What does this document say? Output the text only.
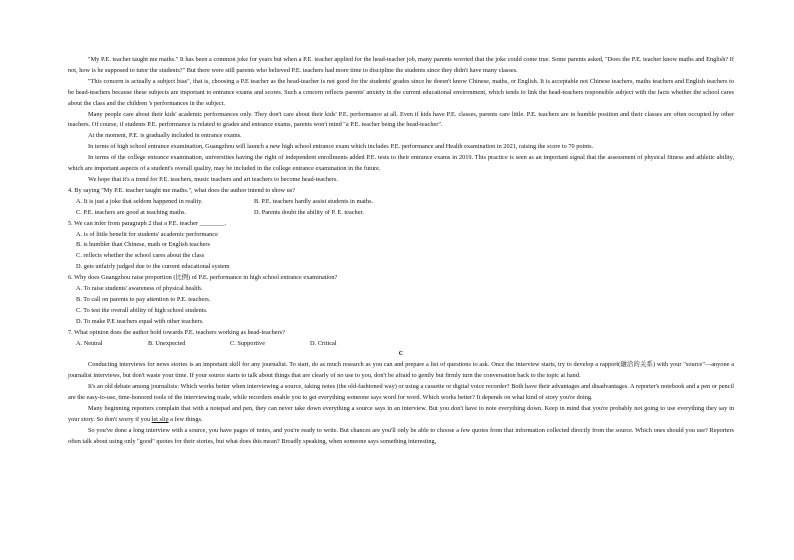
"My P.E. teacher taught me maths." It has been a common joke for years but when a P.E. teacher applied for the head-teacher job, many parents worried that the joke could come true. Some parents asked, "Does the P.E. teacher know maths and English? If not, how is he supposed to tutor the students?" But there were still parents who believed P.E. teachers had more time to discipline the students since they didn't have many classes.

"This concern is actually a subject bias", that is, choosing a P.E teacher as the head-teacher is not good for the students' grades since he doesn't know Chinese, maths, or English. It is acceptable not Chinese teachers, maths teachers and English teachers to be head-teachers because these subjects are important to entrance exams and scores. Such a concern reflects parents' anxiety in the current educational environment, which tends to link the head-teachers responsible subject with the facts whether the school cares about the class and the children 's performances in the subject.

Many people care about their kids' academic performances only. They don't care about their kids' P.E. performance at all. Even if kids have P.E. classes, parents care little. P.E. teachers are in humble position and their classes are often occupied by other teachers. Of course, if students P.E. performance is related to grades and entrance exams, parents won't mind "a P.E. teacher being the head-teacher".

At the moment, P.E. is gradually included in entrance exams.

In terms of high school entrance examination, Guangzhou will launch a new high school entrance exam which includes P.E. performance and Health examination in 2021, raising the score to 70 points.

In terms of the college entrance examination, universities having the right of independent enrollments added P.E. tests to their entrance exams in 2019. This practice is seen as an important signal that the assessment of physical fitness and athletic ability, which are important aspects of a student's overall quality, may be included in the college entrance examination in the future.

We hope that it's a trend for P.E. teachers, music teachers and art teachers to become head-teachers.

4. By saying "My P.E. teacher taught me maths.", what does the author intend to show us?

A. It is just a joke that seldom happened in reality.	B. P.E. teachers hardly assist students in maths.
C. P.E. teachers are good at teaching maths.	D. Parents doubt the ability of P. E. teacher.

5. We can infer from paragraph 2 that a P.E. teacher ________.

A. is of little benefit for students' academic performance

B. is humbler than Chinese, math or English teachers

C. reflects whether the school cares about the class

D. gets unfairly judged due to the current educational system

6. Why does Guangzhou raise proportion (比例) of P.E. performance in high school entrance examination?

A. To raise students' awareness of physical health.

B. To call on parents to pay attention to P.E. teachers.

C. To test the overall ability of high school students.

D. To make P.E teachers equal with other teachers.

7. What opinion does the author hold towards P.E. teachers working as head-teachers?

A. Neutral	B. Unexpected	C. Supportive	D. Critical

C

Conducting interviews for news stories is an important skill for any journalist. To start, do as much research as you can and prepare a list of questions to ask. Once the interview starts, try to develop a rapport(融洽的关系) with your "source"—anyone a journalist interviews, but don't waste your time. If your source starts to talk about things that are clearly of no use to you, don't be afraid to gently but firmly turn the conversation back to the topic at hand.

It's an old debate among journalists: Which works better when interviewing a source, taking notes (the old-fashioned way) or using a cassette or digital voice recorder? Both have their advantages and disadvantages. A reporter's notebook and a pen or pencil are the easy-to-use, time-honored tools of the interviewing trade, while recorders enable you to get everything someone says word for word. Which works better? It depends on what kind of story you're doing.

Many beginning reporters complain that with a notepad and pen, they can never take down everything a source says in an interview. But you don't have to note everything down. Keep in mind that you're probably not going to use everything they say in your story. So don't worry if you let slip a few things.

So you've done a long interview with a source, you have pages of notes, and you're ready to write. But chances are you'll only be able to choose a few quotes from that information collected directly from the source. Which ones should you use? Reporters often talk about using only "good" quotes for their stories, but what does this mean? Broadly speaking, when someone says something interesting,
